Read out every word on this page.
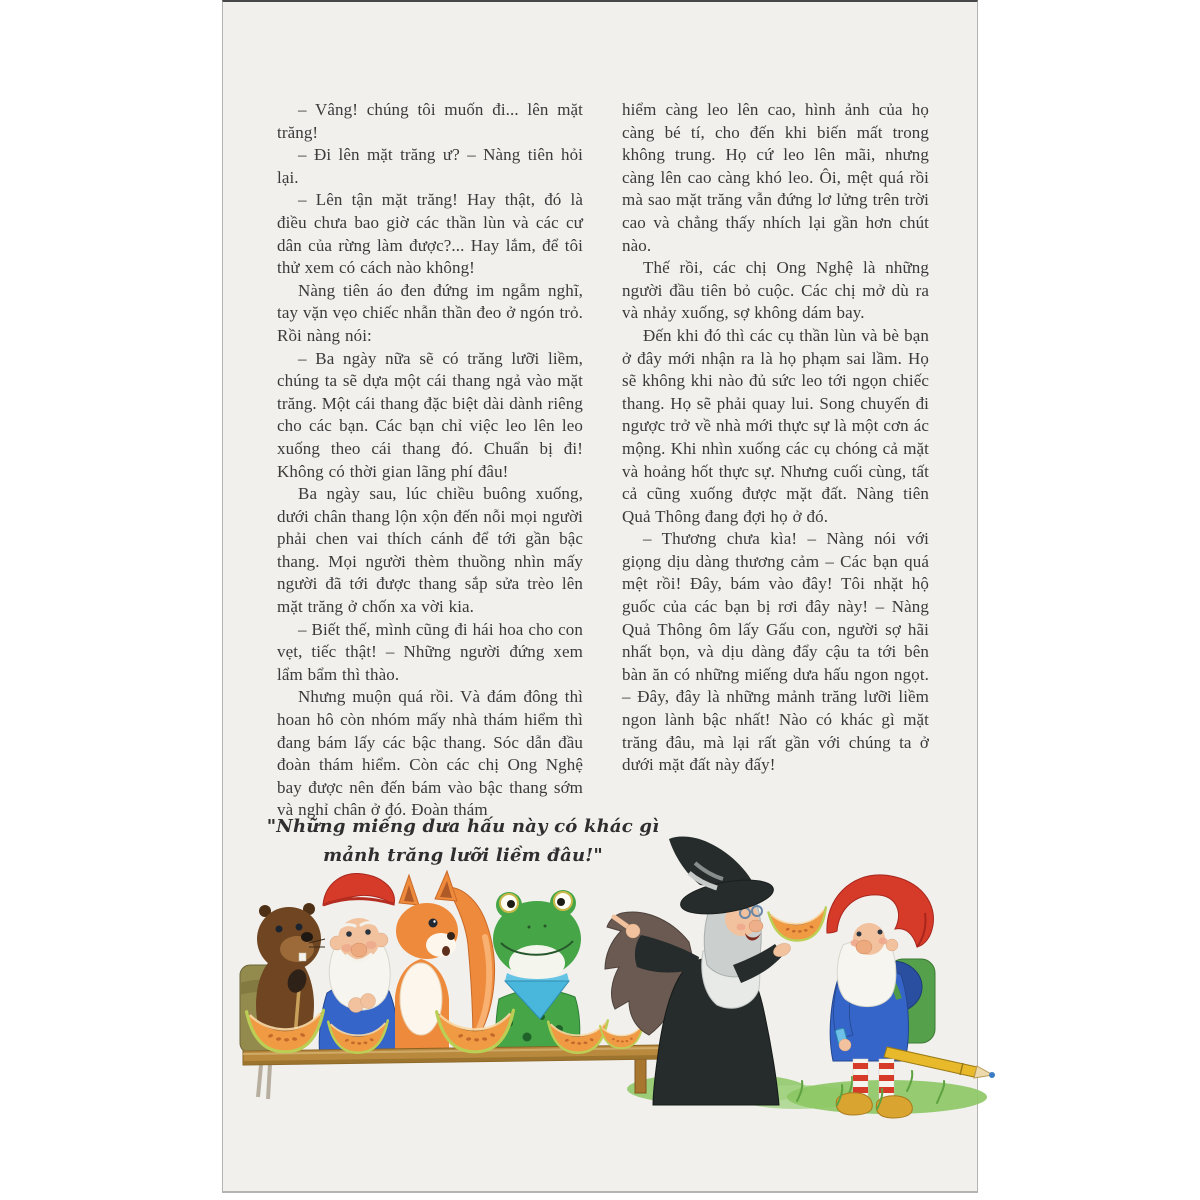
– Vâng! chúng tôi muốn đi... lên mặt trăng!

– Đi lên mặt trăng ư? – Nàng tiên hỏi lại.

– Lên tận mặt trăng! Hay thật, đó là điều chưa bao giờ các thần lùn và các cư dân của rừng làm được?... Hay lắm, để tôi thử xem có cách nào không!

Nàng tiên áo đen đứng im ngẫm nghĩ, tay vặn vẹo chiếc nhẫn thần đeo ở ngón trỏ. Rồi nàng nói:

– Ba ngày nữa sẽ có trăng lưỡi liềm, chúng ta sẽ dựa một cái thang ngả vào mặt trăng. Một cái thang đặc biệt dài dành riêng cho các bạn. Các bạn chỉ việc leo lên leo xuống theo cái thang đó. Chuẩn bị đi! Không có thời gian lãng phí đâu!

Ba ngày sau, lúc chiều buông xuống, dưới chân thang lộn xộn đến nỗi mọi người phải chen vai thích cánh để tới gần bậc thang. Mọi người thèm thuồng nhìn mấy người đã tới được thang sắp sửa trèo lên mặt trăng ở chốn xa vời kia.

– Biết thế, mình cũng đi hái hoa cho con vẹt, tiếc thật! – Những người đứng xem lẩm bẩm thì thào.

Nhưng muộn quá rồi. Và đám đông thì hoan hô còn nhóm mấy nhà thám hiểm thì đang bám lấy các bậc thang. Sóc dẫn đầu đoàn thám hiểm. Còn các chị Ong Nghệ bay được nên đến bám vào bậc thang sớm và nghỉ chân ở đó. Đoàn thám

hiểm càng leo lên cao, hình ảnh của họ càng bé tí, cho đến khi biến mất trong không trung. Họ cứ leo lên mãi, nhưng càng lên cao càng khó leo. Ôi, mệt quá rồi mà sao mặt trăng vẫn đứng lơ lửng trên trời cao và chẳng thấy nhích lại gần hơn chút nào.

Thế rồi, các chị Ong Nghệ là những người đầu tiên bỏ cuộc. Các chị mở dù ra và nhảy xuống, sợ không dám bay.

Đến khi đó thì các cụ thần lùn và bè bạn ở đây mới nhận ra là họ phạm sai lầm. Họ sẽ không khi nào đủ sức leo tới ngọn chiếc thang. Họ sẽ phải quay lui. Song chuyến đi ngược trở về nhà mới thực sự là một cơn ác mộng. Khi nhìn xuống các cụ chóng cả mặt và hoảng hốt thực sự. Nhưng cuối cùng, tất cả cũng xuống được mặt đất. Nàng tiên Quả Thông đang đợi họ ở đó.

– Thương chưa kìa! – Nàng nói với giọng dịu dàng thương cảm – Các bạn quá mệt rồi! Đây, bám vào đây! Tôi nhặt hộ guốc của các bạn bị rơi đây này! – Nàng Quả Thông ôm lấy Gấu con, người sợ hãi nhất bọn, và dịu dàng đẩy cậu ta tới bên bàn ăn có những miếng dưa hấu ngon ngọt. – Đây, đây là những mảnh trăng lưỡi liềm ngon lành bậc nhất! Nào có khác gì mặt trăng đâu, mà lại rất gần với chúng ta ở dưới mặt đất này đấy!

"Những miếng dưa hấu này có khác gì mảnh trăng lưỡi liềm đâu!"
